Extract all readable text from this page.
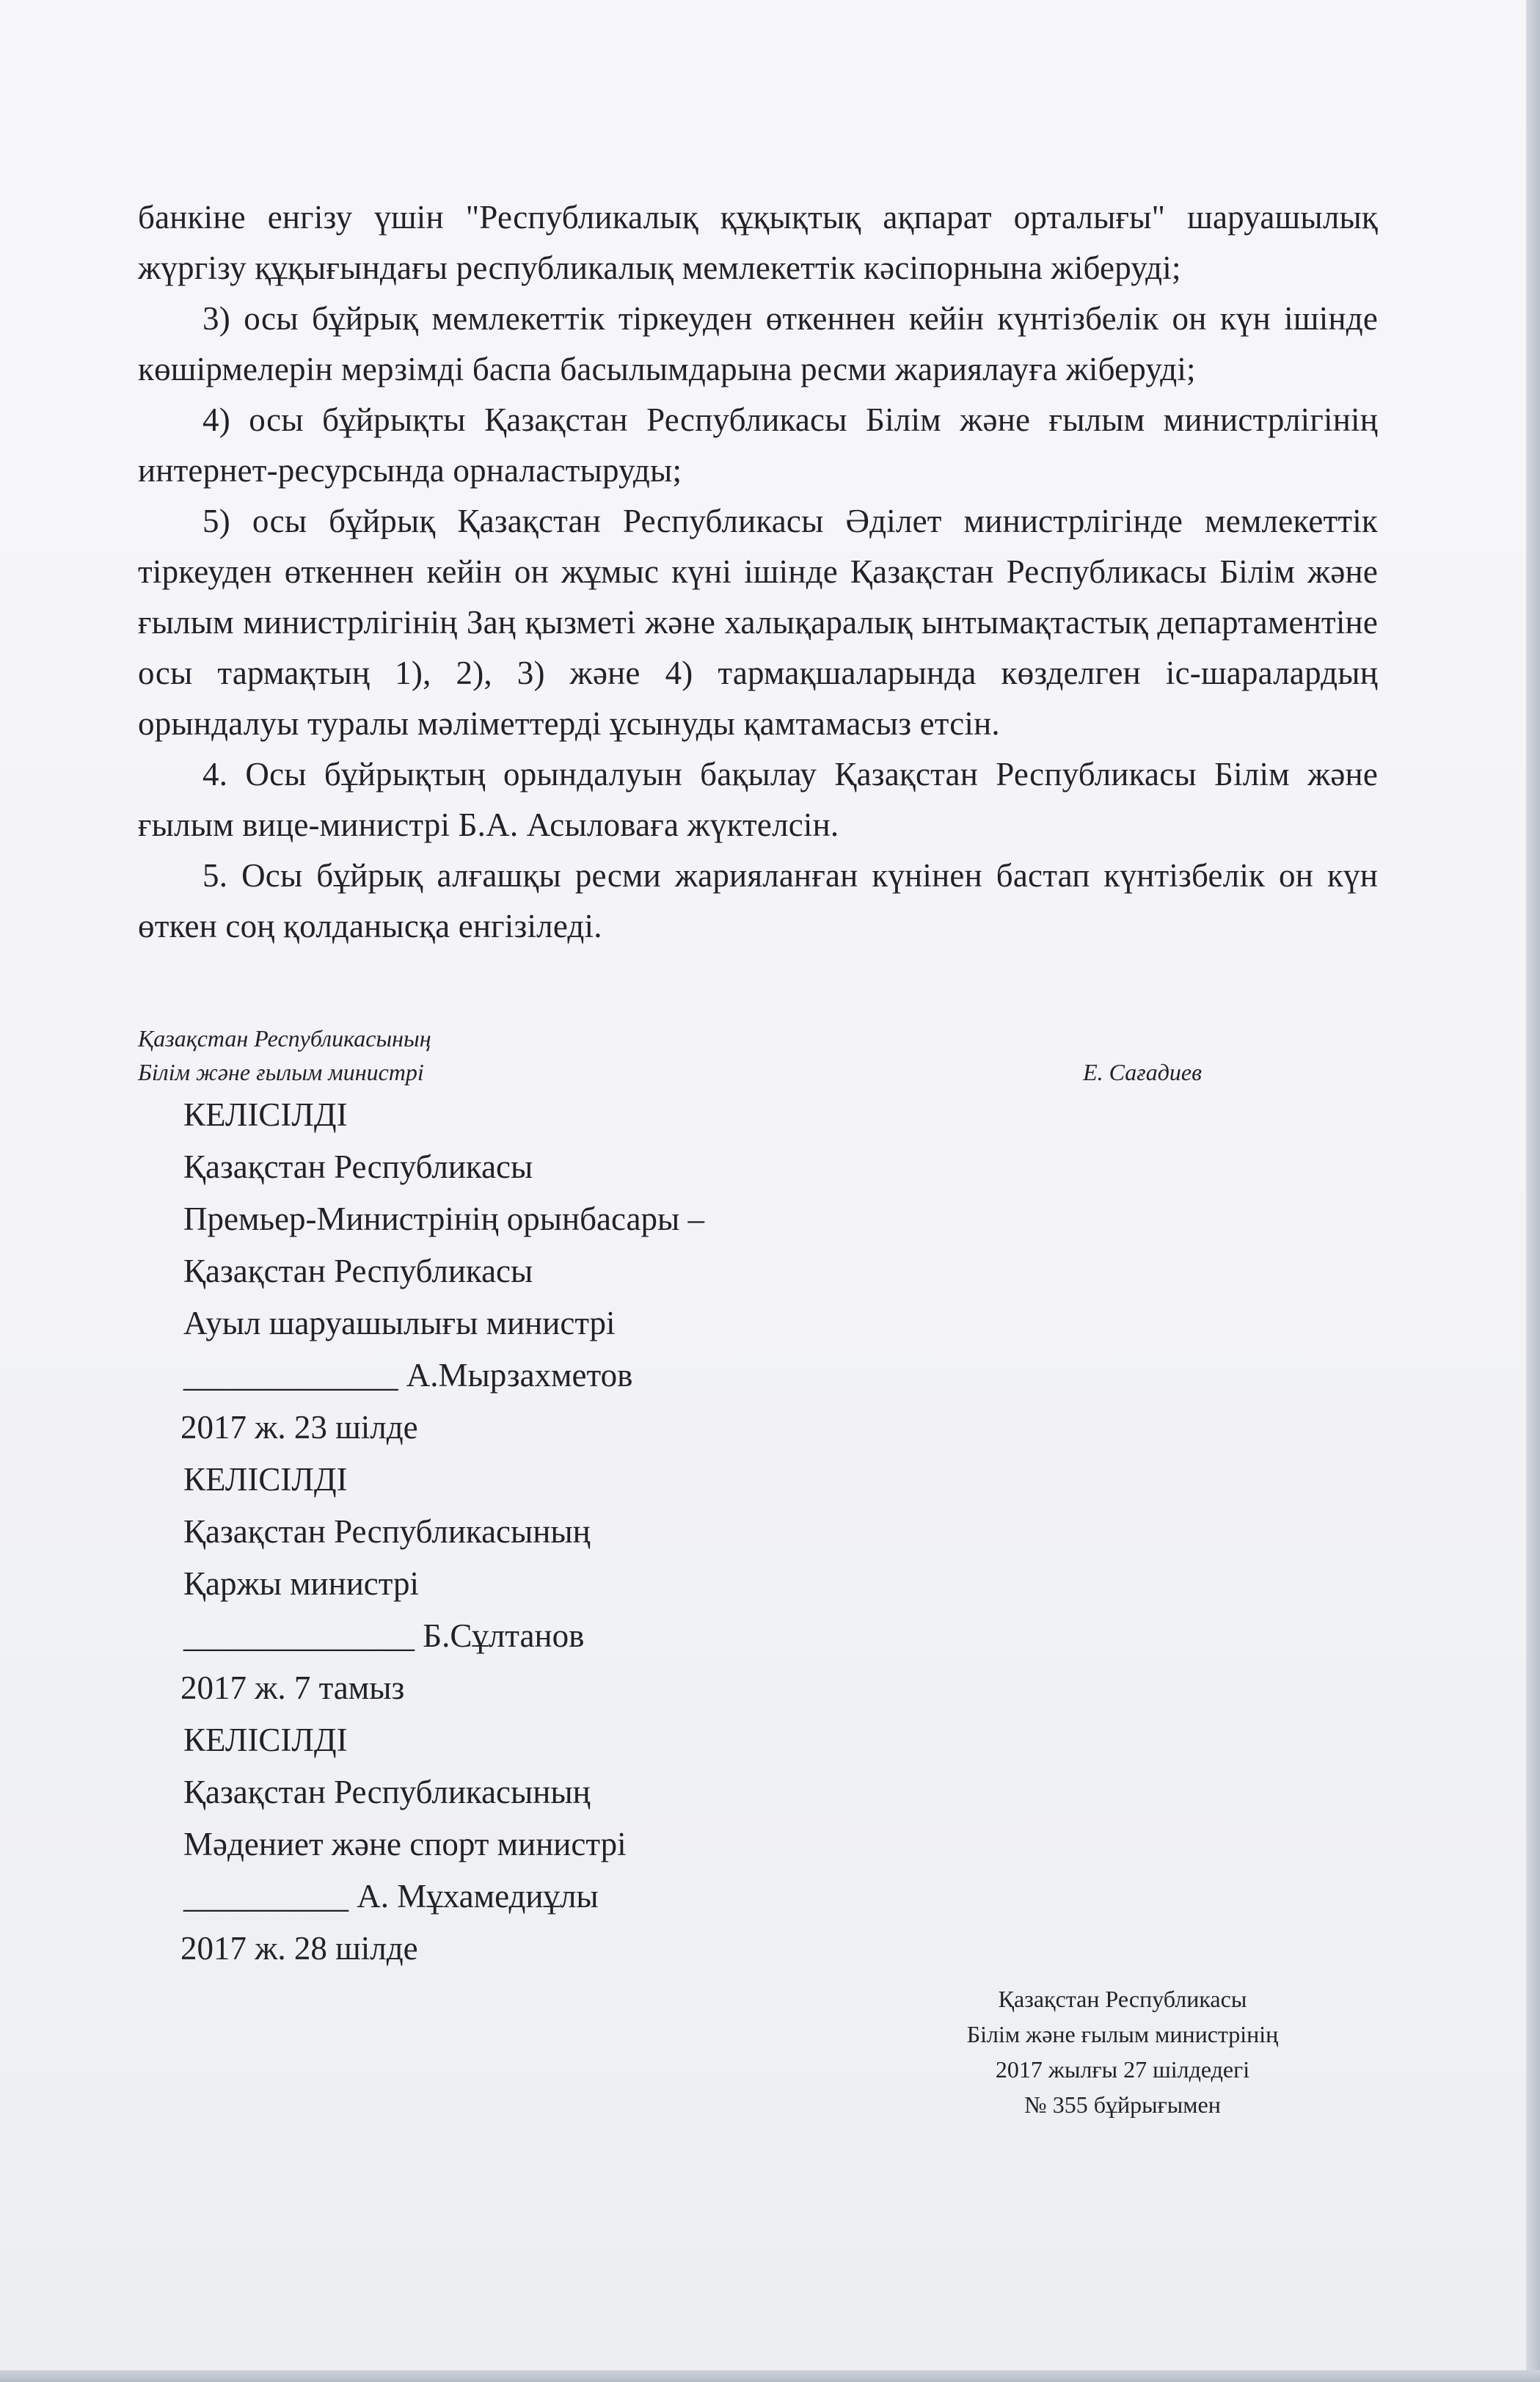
банкіне енгізу үшін "Республикалық құқықтық ақпарат орталығы" шаруашылық жүргізу құқығындағы республикалық мемлекеттік кәсіпорнына жіберуді;

3) осы бұйрық мемлекеттік тіркеуден өткеннен кейін күнтізбелік он күн ішінде көшірмелерін мерзімді баспа басылымдарына ресми жариялауға жіберуді;

4) осы бұйрықты Қазақстан Республикасы Білім және ғылым министрлігінің интернет-ресурсында орналастыруды;

5) осы бұйрық Қазақстан Республикасы Әділет министрлігінде мемлекеттік тіркеуден өткеннен кейін он жұмыс күні ішінде Қазақстан Республикасы Білім және ғылым министрлігінің Заң қызметі және халықаралық ынтымақтастық департаментіне осы тармақтың 1), 2), 3) және 4) тармақшаларында көзделген іс-шаралардың орындалуы туралы мәліметтерді ұсынуды қамтамасыз етсін.

4. Осы бұйрықтың орындалуын бақылау Қазақстан Республикасы Білім және ғылым вице-министрі Б.А. Асыловаға жүктелсін.

5. Осы бұйрық алғашқы ресми жарияланған күнінен бастап күнтізбелік он күн өткен соң қолданысқа енгізіледі.

Қазақстан Республикасының
Білім және ғылым министрі	Е. Сағадиев
КЕЛІСІЛДІ
Қазақстан Республикасы
Премьер-Министрінің орынбасары –
Қазақстан Республикасы
Ауыл шаруашылығы министрі
_____________ А.Мырзахметов
2017 ж. 23 шілде
КЕЛІСІЛДІ
Қазақстан Республикасының
Қаржы министрі
______________ Б.Сұлтанов
2017 ж. 7 тамыз
КЕЛІСІЛДІ
Қазақстан Республикасының
Мәдениет және спорт министрі
__________ А. Мұхамедиұлы
2017 ж. 28 шілде
Қазақстан Республикасы
Білім және ғылым министрінің
2017 жылғы 27 шілдедегі
№ 355 бұйрығымен
